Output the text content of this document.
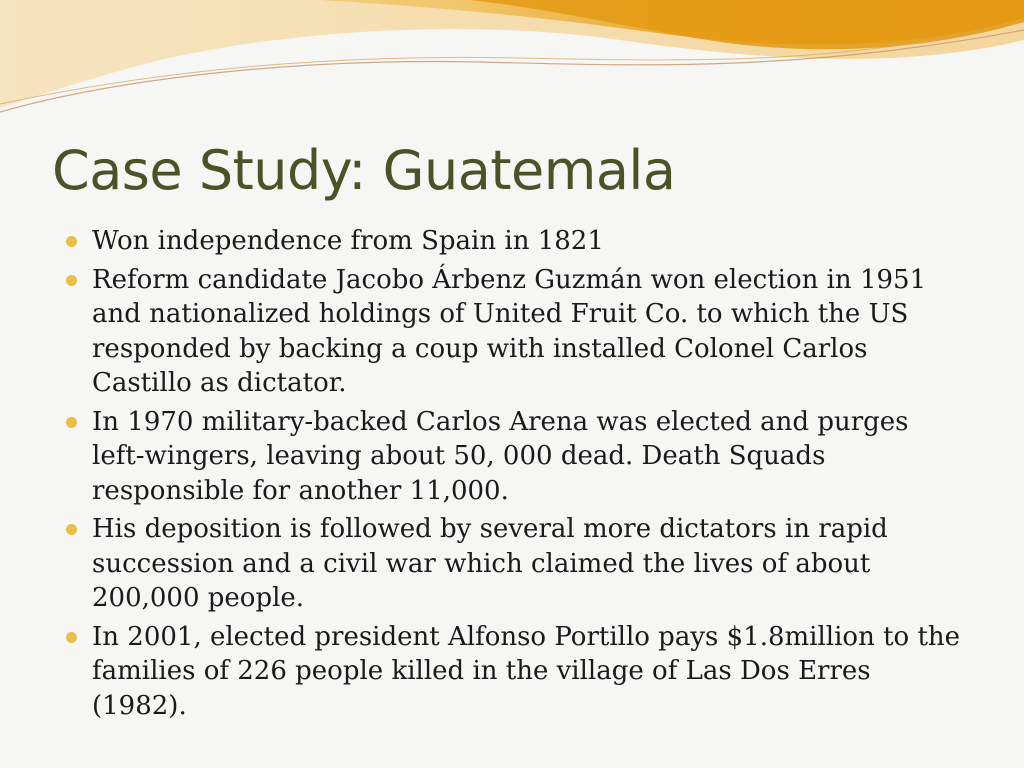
Case Study: Guatemala
Won independence from Spain in 1821
Reform candidate Jacobo Árbenz Guzmán won election in 1951 and nationalized holdings of United Fruit Co. to which the US responded by backing a coup with installed Colonel Carlos Castillo as dictator.
In 1970 military-backed Carlos Arena was elected and purges left-wingers, leaving about 50, 000 dead. Death Squads responsible for another 11,000.
His deposition is followed by several more dictators in rapid succession and a civil war which claimed the lives of about 200,000 people.
In 2001, elected president Alfonso Portillo pays $1.8million to the families of 226 people killed in the village of Las Dos Erres (1982).
